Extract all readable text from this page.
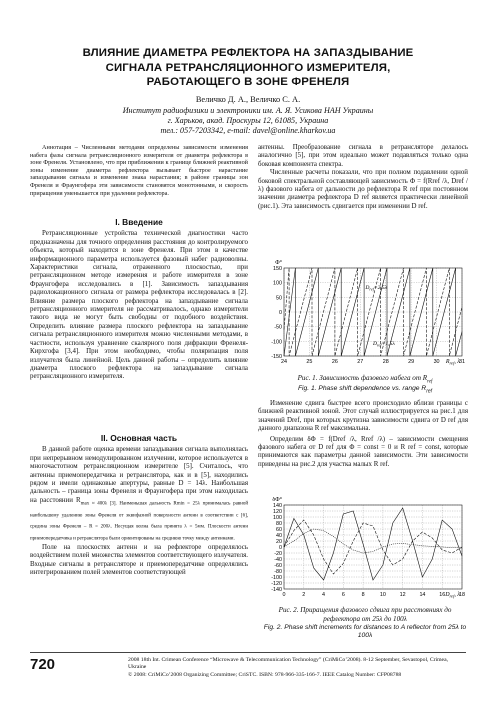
ВЛИЯНИЕ ДИАМЕТРА РЕФЛЕКТОРА НА ЗАПАЗДЫВАНИЕ
СИГНАЛА РЕТРАНСЛЯЦИОННОГО ИЗМЕРИТЕЛЯ,
РАБОТАЮЩЕГО В ЗОНЕ ФРЕНЕЛЯ
Величко Д. А., Величко С. А.
Институт радиофизики и электроники им. А. Я. Усикова НАН Украины
г. Харьков, акад. Проскуры 12, 61085, Украина
тел.: 057-7203342, e-mail: davel@online.kharkov.ua

Аннотация – Численными методами определены зависимости изменения набега фазы сигнала ретрансляционного измерителя от диаметра рефлектора в зоне Френеля. Установлено, что при приближении к границе ближней реактивной зоны изменение диаметра рефлектора вызывает быстрое нарастание запаздывания сигнала и изменение знака нарастания; в районе границы зон Френеля и Фраунгофера эти зависимости становятся монотонными, и скорость приращения уменьшается при удалении рефлектора.

I. Введение

Ретрансляционные устройства технической диагностики часто предназначены для точного определения расстояния до контролируемого объекта, который находится в зоне Френеля. При этом в качестве информационного параметра используется фазовый набег радиоволны. Характеристики сигнала, отраженного плоскостью, при ретрансляционном методе измерения и работе измерителя в зоне Фраунгофера исследовались в [1]. Зависимость запаздывания радиолокационного сигнала от размера рефлектора исследовалась в [2]. Влияние размера плоского рефлектора на запаздывание сигнала ретрансляционного измерителя не рассматривалось, однако измерители такого вида не могут быть свободны от подобного воздействия. Определить влияние размера плоского рефлектора на запаздывание сигнала ретрансляционного измерителя можно численными методами, в частности, используя уравнение скалярного поля дифракции Френеля-Кирхгофа [3,4]. При этом необходимо, чтобы поляризация поля излучателя была линейной. Цель данной работы – определить влияние диаметра плоского рефлектора на запаздывание сигнала ретрансляционного измерителя.

II. Основная часть

В данной работе оценка времени запаздывания сигнала выполнялась при непрерывном немодулированном излучении, которое используется в многочастотном ретрансляционном измерителе [5]. Считалось, что антенны приемопередатчика и ретранслятора, как и в [5], находились рядом и имели одинаковые апертуры, равные D = 14λ. Наибольшая дальность – граница зоны Френеля и Фраунгофера при этом находилась на расстоянии $R_{max \approx 400\lambda [3]. Наименьшая дальность Rmin = 25\lambda принималась равной наибольшему удалению зоны Френеля от эквифазной поверхности антенн в соответствии с [6], средина зоны Френеля - R = 200\lambda. Несущая волна была принята \lambda = 5мм. Плоскости антенн приемопередатчика и ретранслятора были ориентированы на среднюю точку между антеннами.}$

Поле на плоскостях антенн и на рефлекторе определялось воздействием полей множества элементов соответствующего излучателя. Входные сигналы в ретрансляторе и приемопередатчике определялись интегрированием полей элементов соответствующей

антенны. Преобразование сигнала в ретрансляторе делалось аналогично [5], при этом идеально может подавляться только одна боковая компонента спектра.

Численные расчеты показали, что при полном подавлении одной боковой спектральной составляющей зависимость Φ = f(Rref /λ, Dref /λ) фазового набега от дальности до рефлектора R ref при постоянном значении диаметра рефлектора D ref является практически линейной (рис.1). Эта зависимость сдвигается при изменении D ref.

150
100
50
0
-50
-100
-150
24	25	26	27	28	29	30	31
Φ°
$R_{ref}$, λ
$D_{ref}=2,5\lambda$
$D_{ref}=1,5\lambda$
Рис. 1. Зависимость фазового набега от $R_{ref}$
Fig. 1. Phase shift dependence vs. range $R_{ref}$

Изменение сдвига быстрее всего происходило вблизи границы с ближней реактивной зоной. Этот случай иллюстрируется на рис.1 для значений Dref, при которых крутизна зависимости сдвига от D ref для данного диапазона R ref максимальна.

Определим δΦ = f(Dref /λ, Rref /λ) – зависимости смещения фазового набега от D ref для Φ = const = 0 и R ref = const, которые принимаются как параметры данной зависимости. Эти зависимости приведены на рис.2 для участка малых R ref.

140
120
100
80
60
40
20
0
-20
-40
-60
-80
-100
-120
-140
0	2	4	6	8	10	12	14	16	18
δΦ°
$D_{ref}$, λ
Рис. 2. Приращения фазового сдвига при расстояниях до рефлектора от 25λ до 100λ
Fig. 2. Phase shift increments for distances to A reflector from 25λ to 100λ
720	2008 18th Int. Crimean Conference “Microwave & Telecommunication Technology” (CriMiCo’2008). 8-12 September, Sevastopol, Crimea, Ukraine
© 2008: CriMiCo’2008 Organizing Committee; CriSTC. ISBN: 978-966-335-166-7. IEEE Catalog Number: CFP08788
